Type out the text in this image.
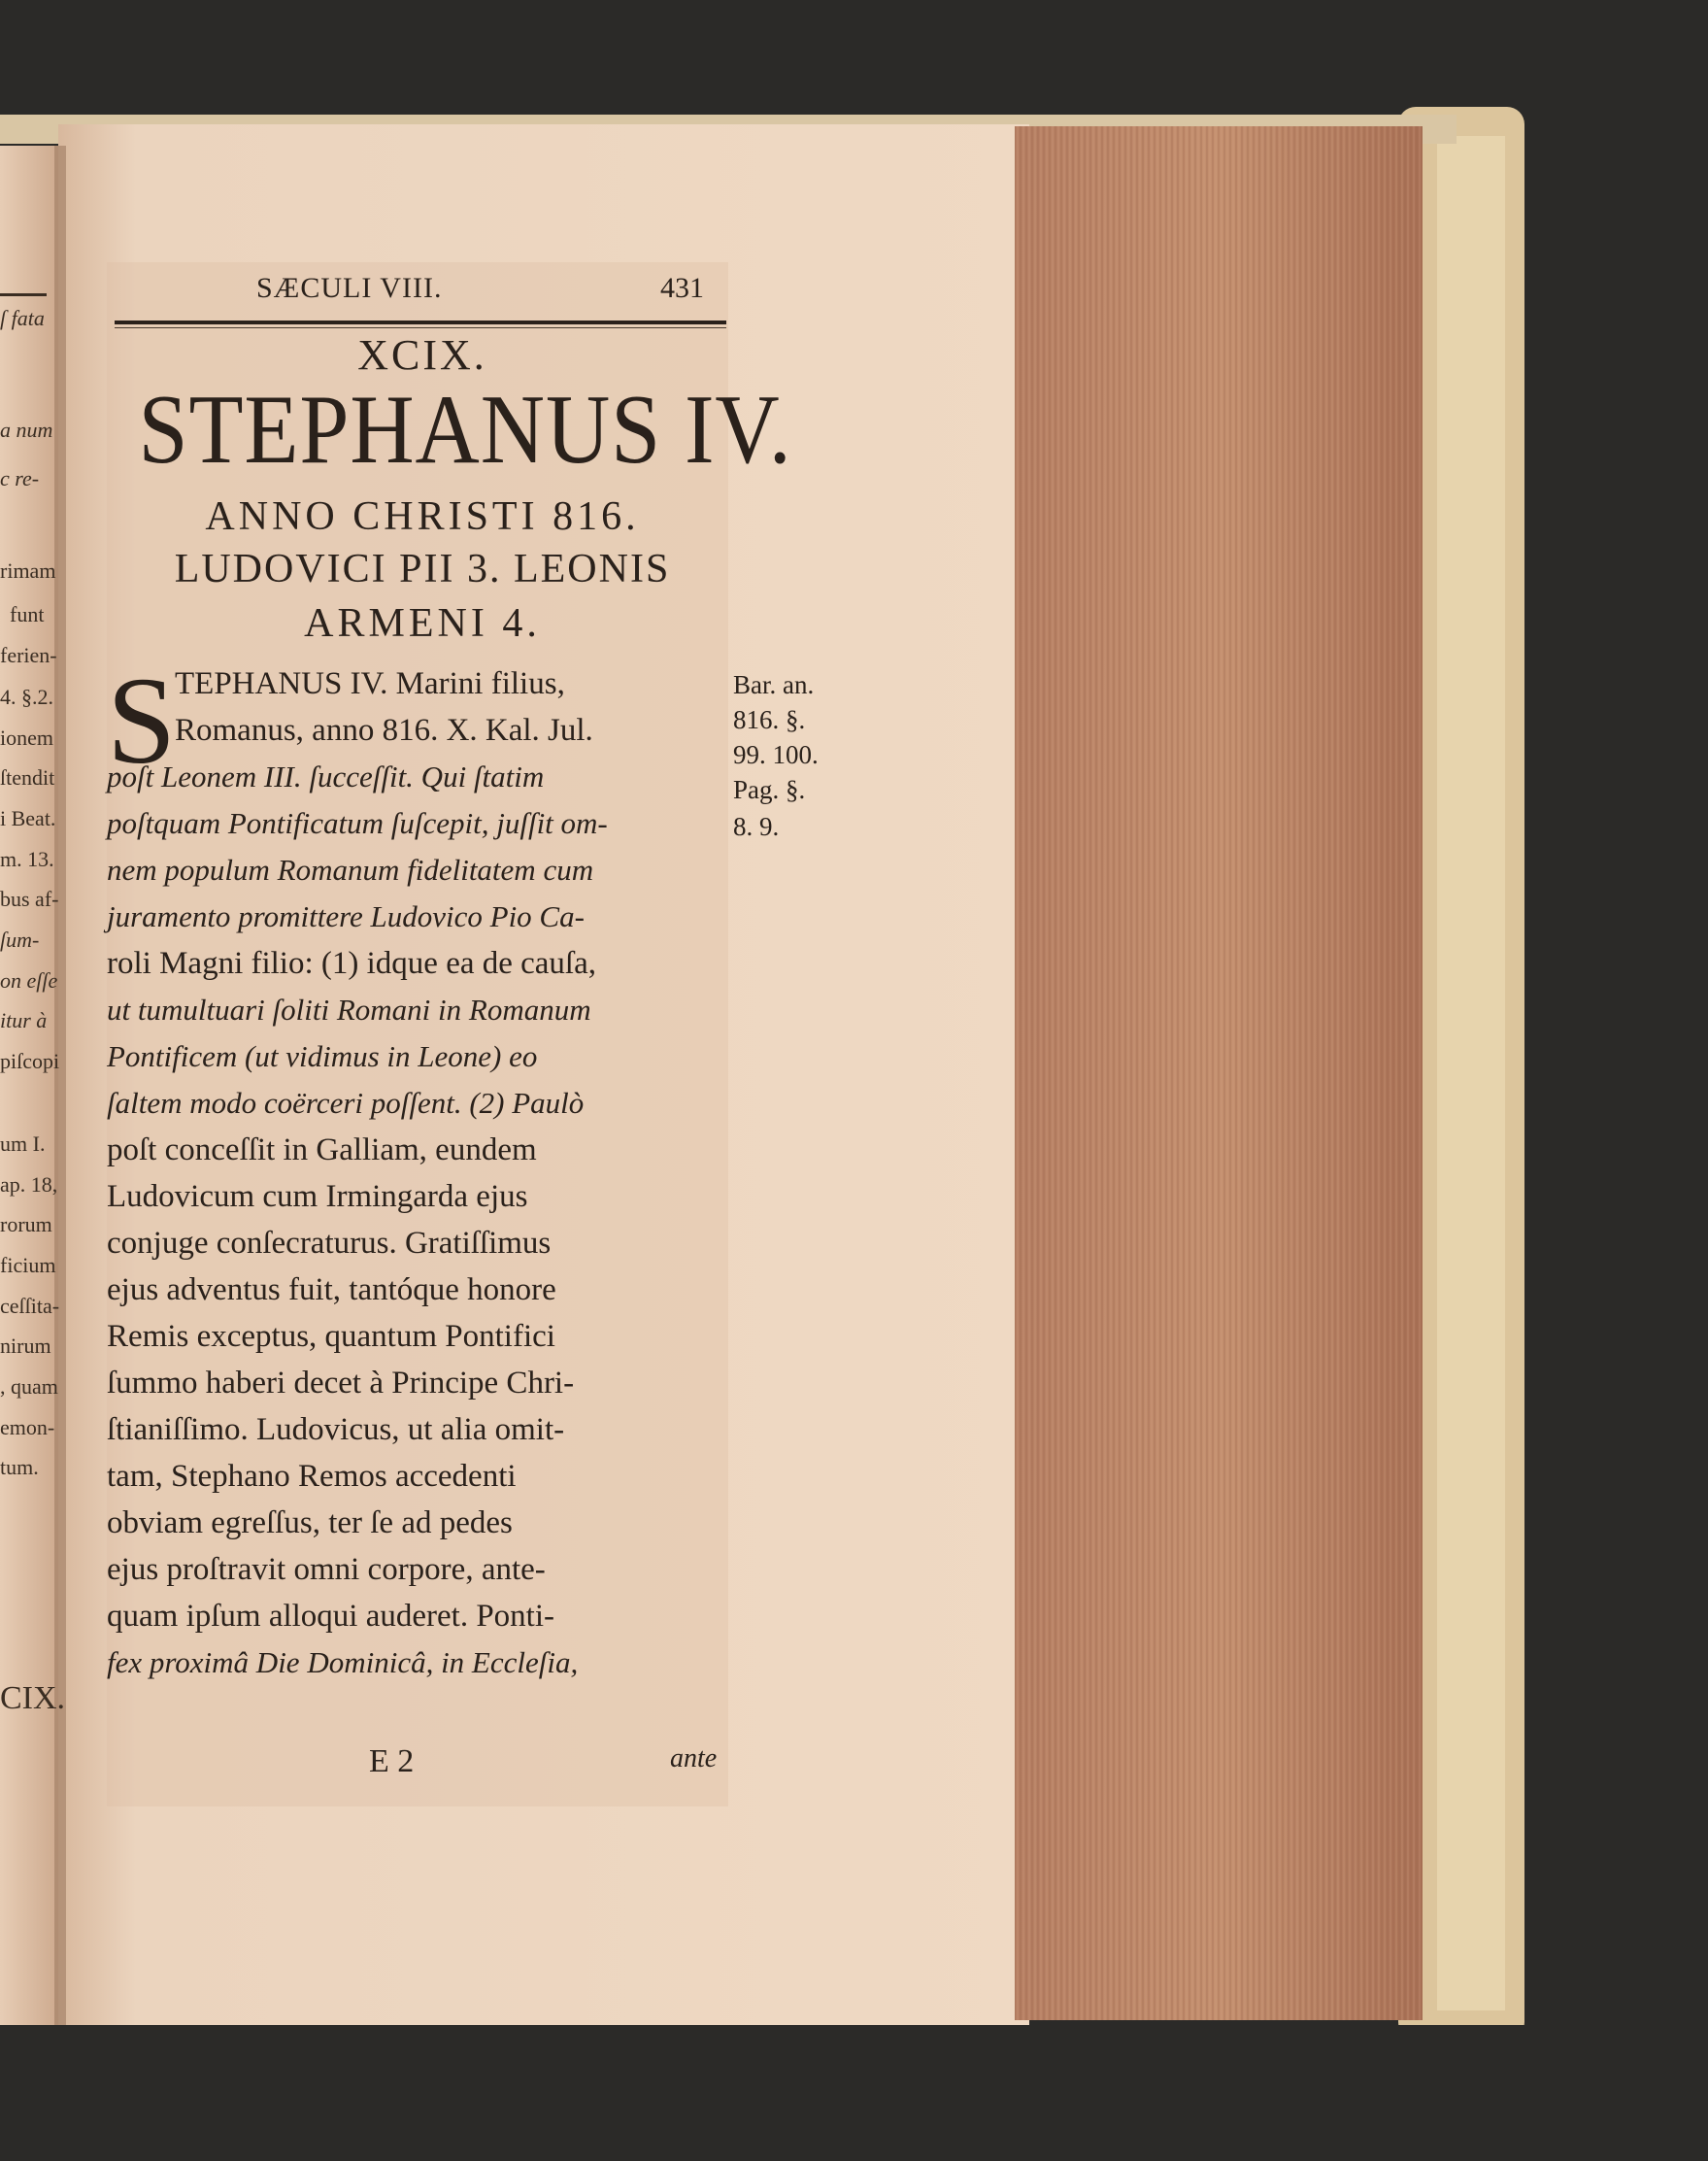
ſ fata
a num
c re-
rimam
funt
ferien-
4. §.2.
ionem
ſtendit
i Beat.
m. 13.
bus af-
ſum-
on eſſe
itur à
piſcopi
um I.
ap. 18,
rorum
ficium
ceſſita-
nirum
, quam
emon-
tum.
CIX.
SÆCULI VIII.	431
XCIX.
STEPHANUS IV.
ANNO CHRISTI 816.
LUDOVICI PII 3. LEONIS
ARMENI 4.
S
TEPHANUS IV. Marini filius,
Romanus, anno 816. X. Kal. Jul.
poſt Leonem III. ſucceſſit. Qui ſtatim
poſtquam Pontificatum ſuſcepit, juſſit om-
nem populum Romanum fidelitatem cum
juramento promittere Ludovico Pio Ca-
roli Magni filio: (1) idque ea de cauſa,
ut tumultuari ſoliti Romani in Romanum
Pontificem (ut vidimus in Leone) eo
ſaltem modo coërceri poſſent. (2) Paulò
poſt conceſſit in Galliam, eundem
Ludovicum cum Irmingarda ejus
conjuge conſecraturus. Gratiſſimus
ejus adventus fuit, tantóque honore
Remis exceptus, quantum Pontifici
ſummo haberi decet à Principe Chri-
ſtianiſſimo. Ludovicus, ut alia omit-
tam, Stephano Remos accedenti
obviam egreſſus, ter ſe ad pedes
ejus proſtravit omni corpore, ante-
quam ipſum alloqui auderet. Ponti-
fex proximâ Die Dominicâ, in Eccleſia,
Bar. an.
816. §.
99. 100.
Pag. §.
8. 9.
E 2	ante
